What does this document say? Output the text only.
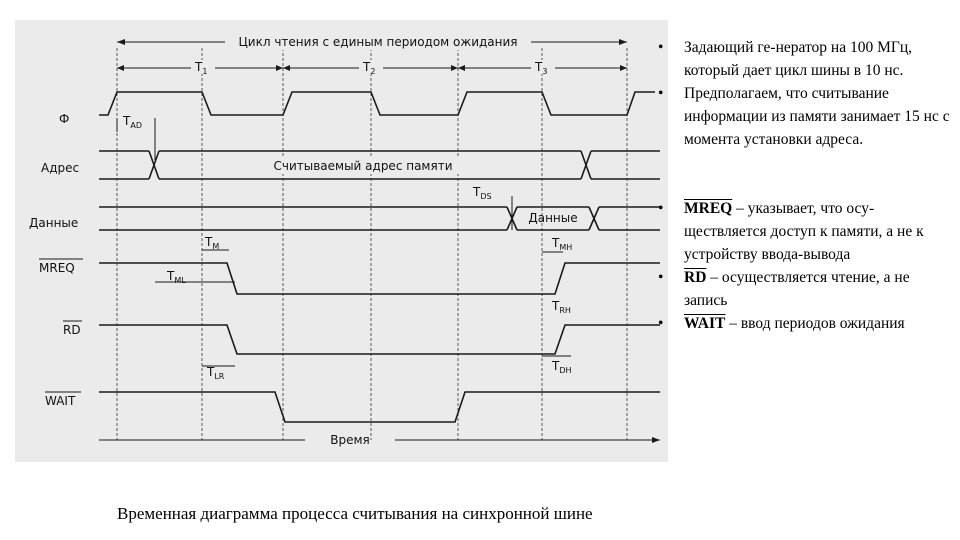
Цикл чтения с единым периодом ожидания
$T_1$	$T_2$	$T_3$
Ф
Адрес
Данные
MREQ
RD
WAIT
$T_{AD}$
Считываемый адрес памяти
$T_{DS}$
Данные
$T_M$
$T_{ML}$
$T_{MH}$
$T_{RH}$
$T_{LR}$
$T_{DH}$
Время
• Задающий ге-нератор на 100 МГц, который дает цикл шины в 10 нс.
• Предполагаем, что считывание информации из памяти занимает 15 нс с момента установки адреса.
• MREQ – указывает, что осу-ществляется доступ к памяти, а не к устройству ввода-вывода
• $\overline{RD}$ – осуществляется чтение, а не запись
• WAIT – ввод периодов ожидания
Временная диаграмма процесса считывания на синхронной шине
